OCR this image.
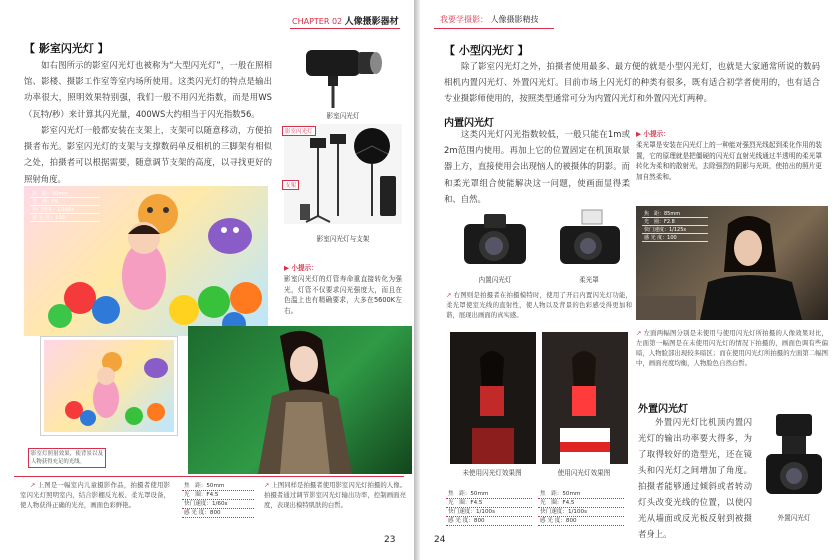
CHAPTER 02 人像摄影器材
【 影室闪光灯 】
如右图所示的影室闪光灯也被称为“大型闪光灯”，一般在照相馆、影楼、摄影工作室等室内场所使用。这类闪光灯的特点是输出功率很大，照明效果特别强，我们一般不用闪光指数，而是用WS（瓦特/秒）来计算其闪光量，400WS大约相当于闪光指数56。
影室闪光灯一般都安装在支架上，支架可以随意移动，方便拍摄者布光。影室闪光灯的支架与支撑数码单反相机的三脚架有相似之处，拍摄者可以根据需要，随意调节支架的高度，以寻找更好的照射角度。
影室闪光灯
影室闪光灯
支架
影室闪光灯与支架
焦　距：50mm
光　圈：F8
快门速度：1/160s
感 光 度：100
▶ 小提示：
影室闪光灯的灯管寿命重直接转化为强光，灯管不仅要求闪光强度大，而且在色温上也有精确要求，大多在5600K左右。
影室灯照射效果，使背景以及人物获得充足的光线。
↗ 上图是一幅室内儿童摄影作品，拍摄者使用影室闪光灯照明室内，结合影棚反光板、柔光罩设备，使人物获得正确的光亮，画面色彩鲜艳。
焦　距：50mm
光　圈：F4.5
快门速度：1/60s
感 光 度：800
↗ 上图同样是拍摄者使用影室闪光灯拍摄的人像。拍摄者通过调节影室闪光灯输出功率，控制画面亮度，表现出模特肌肤的白皙。
23
我要学摄影： 人像摄影精技
【 小型闪光灯 】
除了影室闪光灯之外，拍摄者使用最多、最方便的就是小型闪光灯，也就是大家通常所说的数码相机内置闪光灯、外置闪光灯。目前市场上闪光灯的种类有很多，既有适合初学者使用的，也有适合专业摄影师使用的，按照类型通常可分为内置闪光灯和外置闪光灯两种。
内置闪光灯
这类闪光灯闪光指数较低，一般只能在1m或2m范围内使用。再加上它的位置固定在机顶取景器上方，直接使用会出现恼人的被摄体的阴影。而和柔光罩组合使能解决这一问题，使画面显得柔和、自然。
▶ 小提示：
柔光罩是安装在闪光灯上的一种能对强烈光线起到柔化作用的装置，它的原理就是把僵硬的闪光灯直射光线通过半透明的柔光罩转化为柔和的散射光，去除强烈的阴影与光斑，使拍出的照片更加自然柔和。
内置闪光灯	柔光罩
焦　距：85mm
光　圈：F2.8
快门速度：1/125s
感 光 度：100
↗ 右图则是拍摄者在拍摄模特时，使用了开启内置闪光灯功能，柔光罩使室光线的直射性，使人物以及背景的色彩感受得更加和谐，展现出画面的真实感。
↗ 左面两幅图分别是未使用与使用闪光灯所拍摄的人像效果对比，左面第一幅图是在未使用闪光灯的情况下拍摄的，画面色调有些偏暗，人物脸部出现较多暗区；而在使用闪光灯所拍摄的左面第二幅图中，画面亮度均衡，人物脸色自然白皙。
未使用闪光灯效果图	使用闪光灯效果图
焦　距：50mm
光　圈：F4.5
快门速度：1/100s
感 光 度：800
焦　距：50mm
光　圈：F4.5
快门速度：1/100s
感 光 度：800
外置闪光灯
外置闪光灯比机顶内置闪光灯的输出功率要大得多，为了取得较好的造型光，还在镜头和闪光灯之间增加了角度。拍摄者能够通过倾斜或者转动灯头改变光线的位置，以使闪光从墙面或反光板反射到被摄者身上。
外置闪光灯
24
